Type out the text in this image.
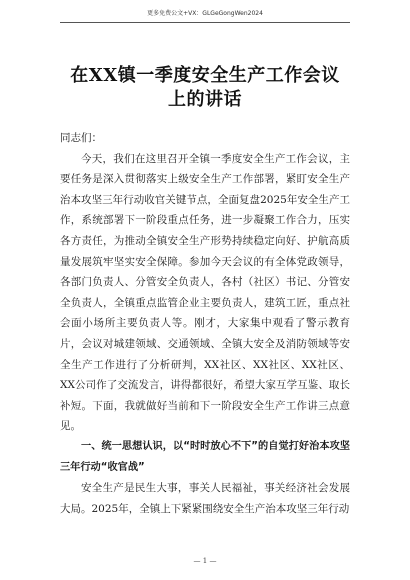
更多免费公文+VX：GLGeGongWen2024
在XX镇一季度安全生产工作会议上的讲话

同志们：

今天，我们在这里召开全镇一季度安全生产工作会议，主要任务是深入贯彻落实上级安全生产工作部署，紧盯安全生产治本攻坚三年行动收官关键节点，全面复盘2025年安全生产工作，系统部署下一阶段重点任务，进一步凝聚工作合力，压实各方责任，为推动全镇安全生产形势持续稳定向好、护航高质量发展筑牢坚实安全保障。参加今天会议的有全体党政领导，各部门负责人、分管安全负责人，各村（社区）书记、分管安全负责人，全镇重点监管企业主要负责人，建筑工匠，重点社会面小场所主要负责人等。刚才，大家集中观看了警示教育片，会议对城建领域、交通领域、全镇大安全及消防领域等安全生产工作进行了分析研判，XX社区、XX社区、XX社区、XX公司作了交流发言，讲得都很好，希望大家互学互鉴、取长补短。下面，我就做好当前和下一阶段安全生产工作讲三点意见。

一、统一思想认识，以“时时放心不下”的自觉打好治本攻坚三年行动“收官战”

安全生产是民生大事，事关人民福祉，事关经济社会发展大局。2025年，全镇上下紧紧围绕安全生产治本攻坚三年行动

— 1 —
